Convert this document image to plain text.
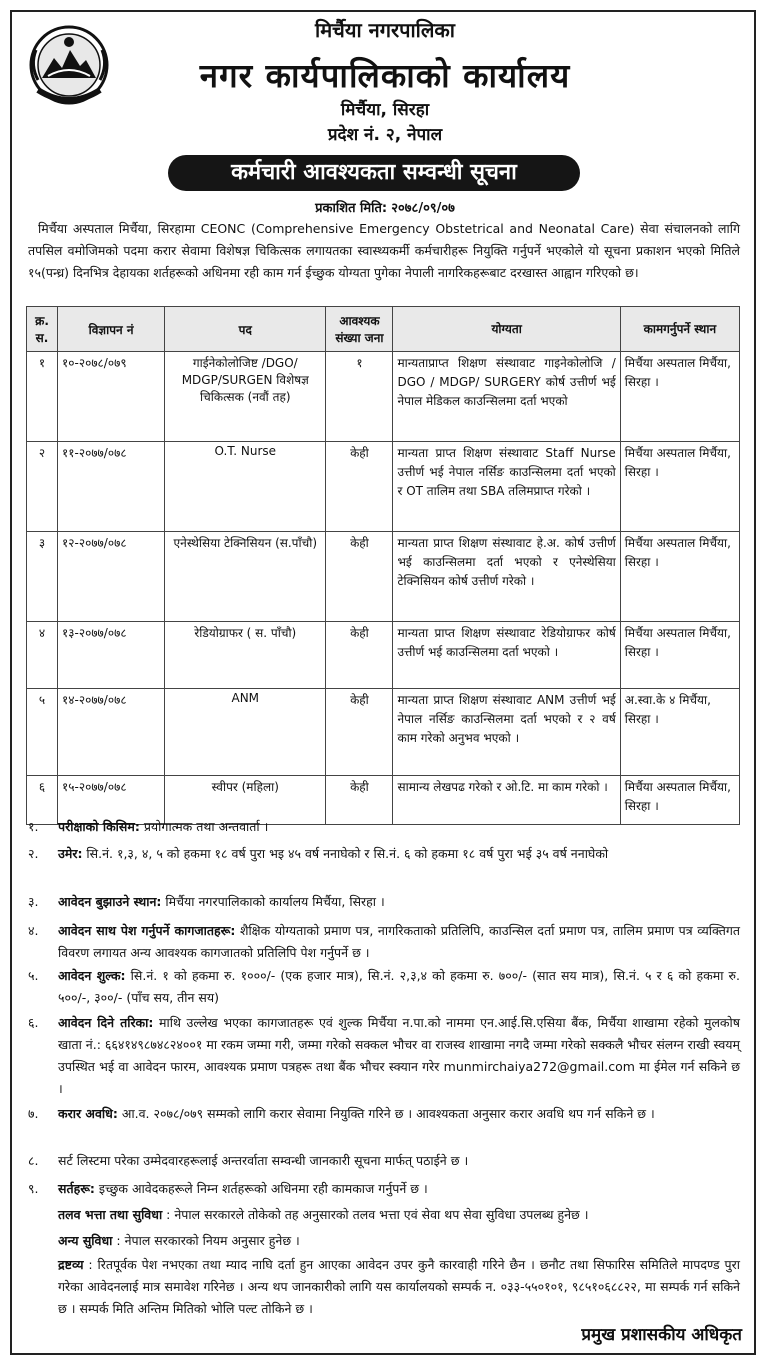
मिर्चैया नगरपालिका
नगर कार्यपालिकाको कार्यालय
मिर्चैया, सिरहा
प्रदेश नं. २, नेपाल
कर्मचारी आवश्यकता सम्वन्धी सूचना
प्रकाशित मिति: २०७८/०९/०७
मिर्चैया अस्पताल मिर्चैया, सिरहामा CEONC (Comprehensive Emergency Obstetrical and Neonatal Care) सेवा संचालनको लागि तपसिल वमोजिमको पदमा करार सेवामा विशेषज्ञ चिकित्सक लगायतका स्वास्थ्यकर्मी कर्मचारीहरू नियुक्ति गर्नुपर्ने भएकोले यो सूचना प्रकाशन भएको मितिले १५(पन्ध्र) दिनभित्र देहायका शर्तहरूको अधिनमा रही काम गर्न ईच्छुक योग्यता पुगेका नेपाली नागरिकहरूबाट दरखास्त आह्वान गरिएको छ।
क्र. स.	विज्ञापन नं	पद	आवश्यक संख्या जना	योग्यता	कामगर्नुपर्ने स्थान
१	१०-२०७८/०७९	गाईनेकोलोजिष्ट /DGO/ MDGP/SURGEN विशेषज्ञ चिकित्सक (नवौं तह)	१	मान्यताप्राप्त शिक्षण संस्थावाट गाइनेकोलोजि / DGO / MDGP/ SURGERY कोर्ष उत्तीर्ण भई नेपाल मेडिकल काउन्सिलमा दर्ता भएको	मिर्चैया अस्पताल मिर्चैया, सिरहा ।
२	११-२०७७/०७८	O.T. Nurse	केही	मान्यता प्राप्त शिक्षण संस्थावाट Staff Nurse उत्तीर्ण भई नेपाल नर्सिङ काउन्सिलमा दर्ता भएको र OT तालिम तथा SBA तलिमप्राप्त गरेको ।	मिर्चैया अस्पताल मिर्चैया, सिरहा ।
३	१२-२०७७/०७८	एनेस्थेसिया टेक्निसियन (स.पाँचौ)	केही	मान्यता प्राप्त शिक्षण संस्थावाट हे.अ. कोर्ष उत्तीर्ण भई काउन्सिलमा दर्ता भएको र एनेस्थेसिया टेक्निसियन कोर्ष उत्तीर्ण गरेको ।	मिर्चैया अस्पताल मिर्चैया, सिरहा ।
४	१३-२०७७/०७८	रेडियोग्राफर ( स. पाँचौ)	केही	मान्यता प्राप्त शिक्षण संस्थावाट रेडियोग्राफर कोर्ष उत्तीर्ण भई काउन्सिलमा दर्ता भएको ।	मिर्चैया अस्पताल मिर्चैया, सिरहा ।
५	१४-२०७७/०७८	ANM	केही	मान्यता प्राप्त शिक्षण संस्थावाट ANM उत्तीर्ण भई नेपाल नर्सिङ काउन्सिलमा दर्ता भएको र २ वर्ष काम गरेको अनुभव भएको ।	अ.स्वा.के ४ मिर्चैया, सिरहा ।
६	१५-२०७७/०७८	स्वीपर (महिला)	केही	सामान्य लेखपढ गरेको र ओ.टि. मा काम गरेको ।	मिर्चैया अस्पताल मिर्चैया, सिरहा ।
१.	परीक्षाको किसिम: प्रयोगात्मक तथा अन्तवार्ता ।
२.	उमेर: सि.नं. १,३, ४, ५ को हकमा १८ वर्ष पुरा भइ ४५ वर्ष ननाघेको र सि.नं. ६ को हकमा १८ वर्ष पुरा भई ३५ वर्ष ननाघेको
३.	आवेदन बुझाउने स्थान: मिर्चैया नगरपालिकाको कार्यालय मिर्चैया, सिरहा ।
४.	आवेदन साथ पेश गर्नुपर्ने कागजातहरू: शैक्षिक योग्यताको प्रमाण पत्र, नागरिकताको प्रतिलिपि, काउन्सिल दर्ता प्रमाण पत्र, तालिम प्रमाण पत्र व्यक्तिगत विवरण लगायत अन्य आवश्यक कागजातको प्रतिलिपि पेश गर्नुपर्ने छ ।
५.	आवेदन शुल्क: सि.नं. १ को हकमा रु. १०००/- (एक हजार मात्र), सि.नं. २,३,४ को हकमा रु. ७००/- (सात सय मात्र), सि.नं. ५ र ६ को हकमा रु. ५००/-, ३००/- (पाँच सय, तीन सय)
६.	आवेदन दिने तरिका: माथि उल्लेख भएका कागजातहरू एवं शुल्क मिर्चैया न.पा.को नाममा एन.आई.सि.एसिया बैंक, मिर्चैया शाखामा रहेको मुलकोष खाता नं.: ६६४१४९८७४८२४००१ मा रकम जम्मा गरी, जम्मा गरेको सक्कल भौचर वा राजस्व शाखामा नगदै जम्मा गरेको सक्कलै भौचर संलग्न राखी स्वयम् उपस्थित भई वा आवेदन फारम, आवश्यक प्रमाण पत्रहरू तथा बैंक भौचर स्क्यान गरेर munmirchaiya272@gmail.com मा ईमेल गर्न सकिने छ ।
७.	करार अवधि: आ.व. २०७८/०७९ सम्मको लागि करार सेवामा नियुक्ति गरिने छ । आवश्यकता अनुसार करार अवधि थप गर्न सकिने छ ।
८.	सर्ट लिस्टमा परेका उम्मेदवारहरूलाई अन्तरर्वाता सम्वन्धी जानकारी सूचना मार्फत् पठाईने छ ।
९.	सर्तहरू: इच्छुक आवेदकहरूले निम्न शर्तहरूको अधिनमा रही कामकाज गर्नुपर्ने छ ।
तलव भत्ता तथा सुविधा : नेपाल सरकारले तोकेको तह अनुसारको तलव भत्ता एवं सेवा थप सेवा सुविधा उपलब्ध हुनेछ ।
अन्य सुविधा : नेपाल सरकारको नियम अनुसार हुनेछ ।
द्रष्टव्य : रितपूर्वक पेश नभएका तथा म्याद नाघि दर्ता हुन आएका आवेदन उपर कुनै कारवाही गरिने छैन । छनौट तथा सिफारिस समितिले मापदण्ड पुरा गरेका आवेदनलाई मात्र समावेश गरिनेछ । अन्य थप जानकारीको लागि यस कार्यालयको सम्पर्क न. ०३३-५५०१०१, ९८५१०६८८२२, मा सम्पर्क गर्न सकिने छ । सम्पर्क मिति अन्तिम मितिको भोलि पल्ट तोकिने छ ।
प्रमुख प्रशासकीय अधिकृत
